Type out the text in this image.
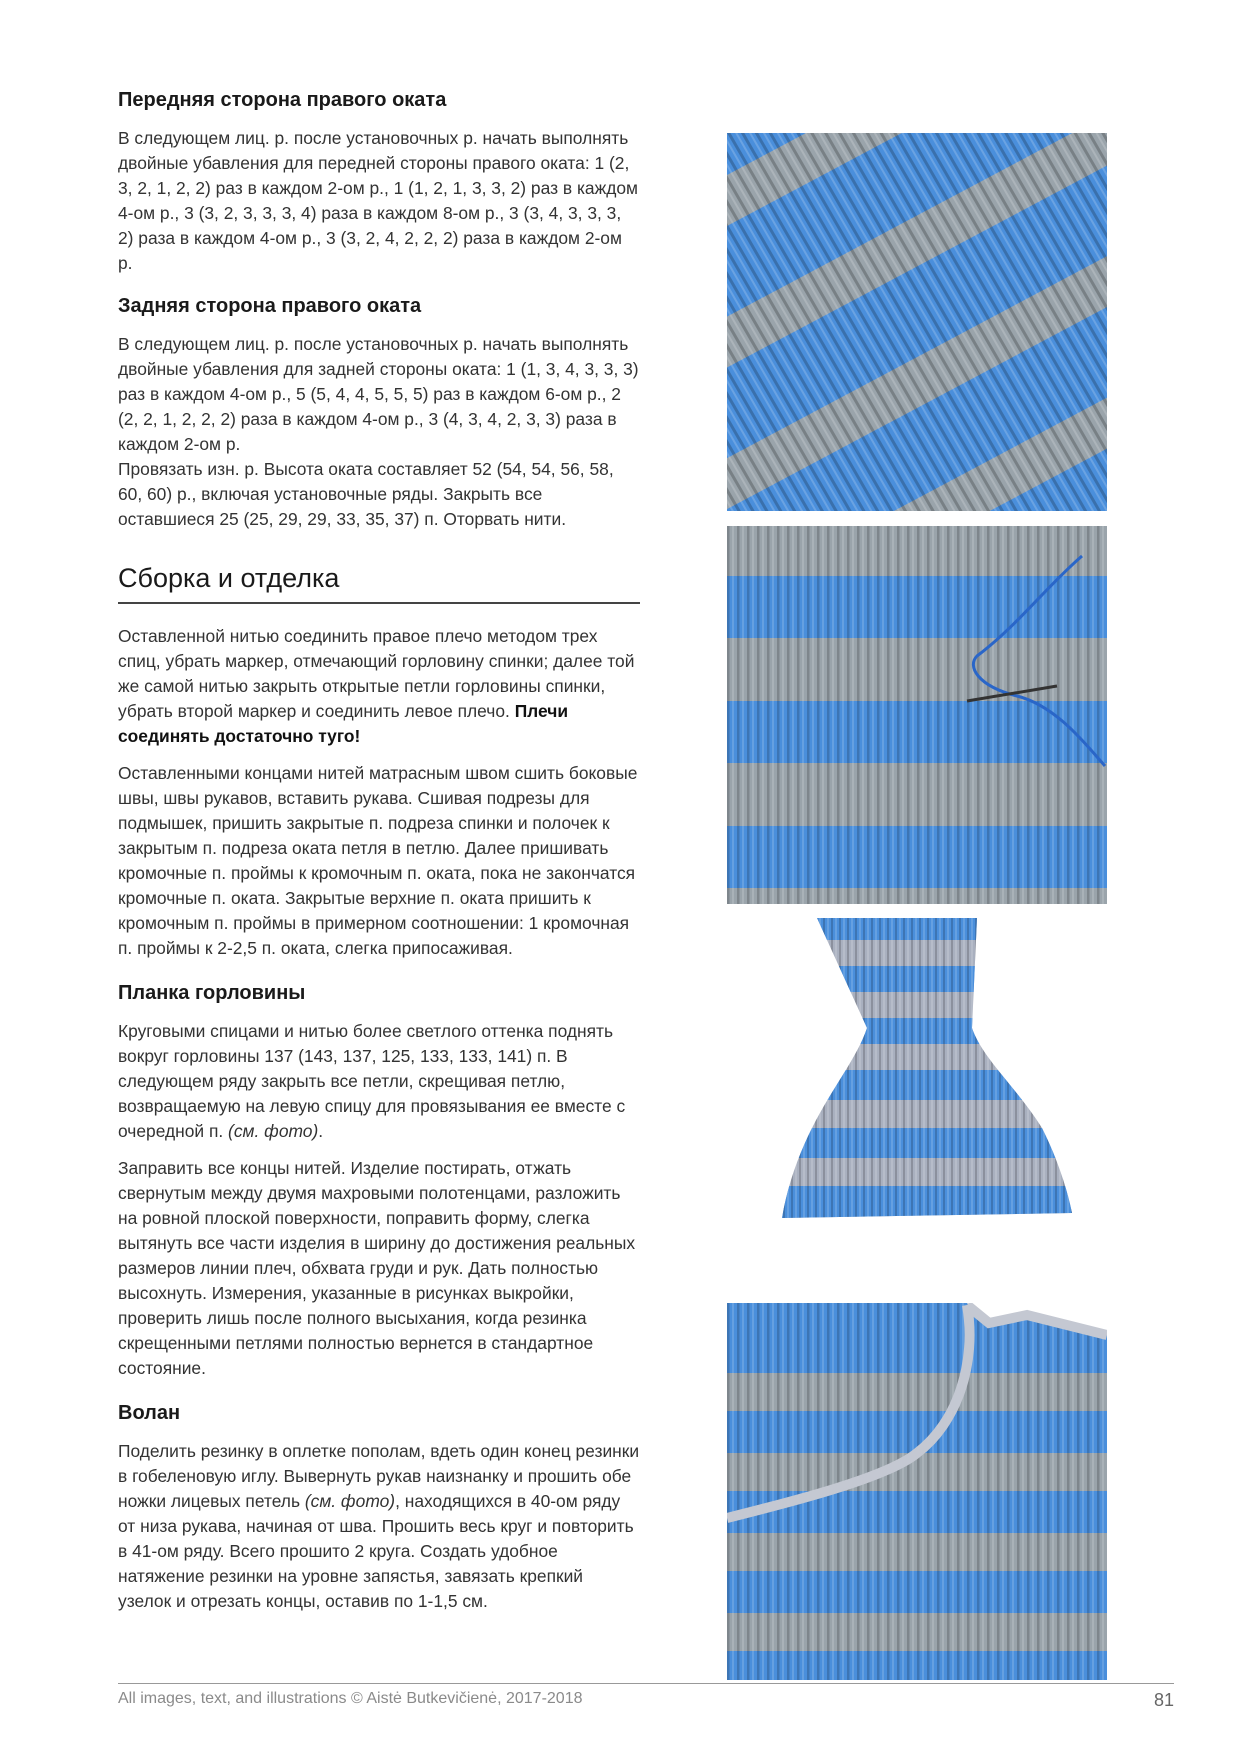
Передняя сторона правого оката
В следующем лиц. р. после установочных р. начать выполнять двойные убавления для передней стороны правого оката: 1 (2, 3, 2, 1, 2, 2) раз в каждом 2-ом р., 1 (1, 2, 1, 3, 3, 2) раз в каждом 4-ом р., 3 (3, 2, 3, 3, 3, 4) раза в каждом 8-ом р., 3 (3, 4, 3, 3, 3, 2) раза в каждом 4-ом р., 3 (3, 2, 4, 2, 2, 2) раза в каждом 2-ом р.
Задняя сторона правого оката
В следующем лиц. р. после установочных р. начать выполнять двойные убавления для задней стороны оката: 1 (1, 3, 4, 3, 3, 3) раз в каждом 4-ом р., 5 (5, 4, 4, 5, 5, 5) раз в каждом 6-ом р., 2 (2, 2, 1, 2, 2, 2) раза в каждом 4-ом р., 3 (4, 3, 4, 2, 3, 3) раза в каждом 2-ом р.
Провязать изн. р. Высота оката составляет 52 (54, 54, 56, 58, 60, 60) р., включая установочные ряды. Закрыть все оставшиеся 25 (25, 29, 29, 33, 35, 37) п. Оторвать нити.
Сборка и отделка
Оставленной нитью соединить правое плечо методом трех спиц, убрать маркер, отмечающий горловину спинки; далее той же самой нитью закрыть открытые петли горловины спинки, убрать второй маркер и соединить левое плечо. Плечи соединять достаточно туго!
Оставленными концами нитей матрасным швом сшить боковые швы, швы рукавов, вставить рукава. Сшивая подрезы для подмышек, пришить закрытые п. подреза спинки и полочек к закрытым п. подреза оката петля в петлю. Далее пришивать кромочные п. проймы к кромочным п. оката, пока не закончатся кромочные п. оката. Закрытые верхние п. оката пришить к кромочным п. проймы в примерном соотношении: 1 кромочная п. проймы к 2-2,5 п. оката, слегка припосаживая.
Планка горловины
Круговыми спицами и нитью более светлого оттенка поднять вокруг горловины 137 (143, 137, 125, 133, 133, 141) п. В следующем ряду закрыть все петли, скрещивая петлю, возвращаемую на левую спицу для провязывания ее вместе с очередной п. (см. фото).
Заправить все концы нитей. Изделие постирать, отжать свернутым между двумя махровыми полотенцами, разложить на ровной плоской поверхности, поправить форму, слегка вытянуть все части изделия в ширину до достижения реальных размеров линии плеч, обхвата груди и рук. Дать полностью высохнуть. Измерения, указанные в рисунках выкройки, проверить лишь после полного высыхания, когда резинка скрещенными петлями полностью вернется в стандартное состояние.
Волан
Поделить резинку в оплетке пополам, вдеть один конец резинки в гобеленовую иглу. Вывернуть рукав наизнанку и прошить обе ножки лицевых петель (см. фото), находящихся в 40-ом ряду от низа рукава, начиная от шва. Прошить весь круг и повторить в 41-ом ряду. Всего прошито 2 круга. Создать удобное натяжение резинки на уровне запястья, завязать крепкий узелок и отрезать концы, оставив по 1-1,5 см.
All images, text, and illustrations © Aistė Butkevičienė, 2017-2018	81
